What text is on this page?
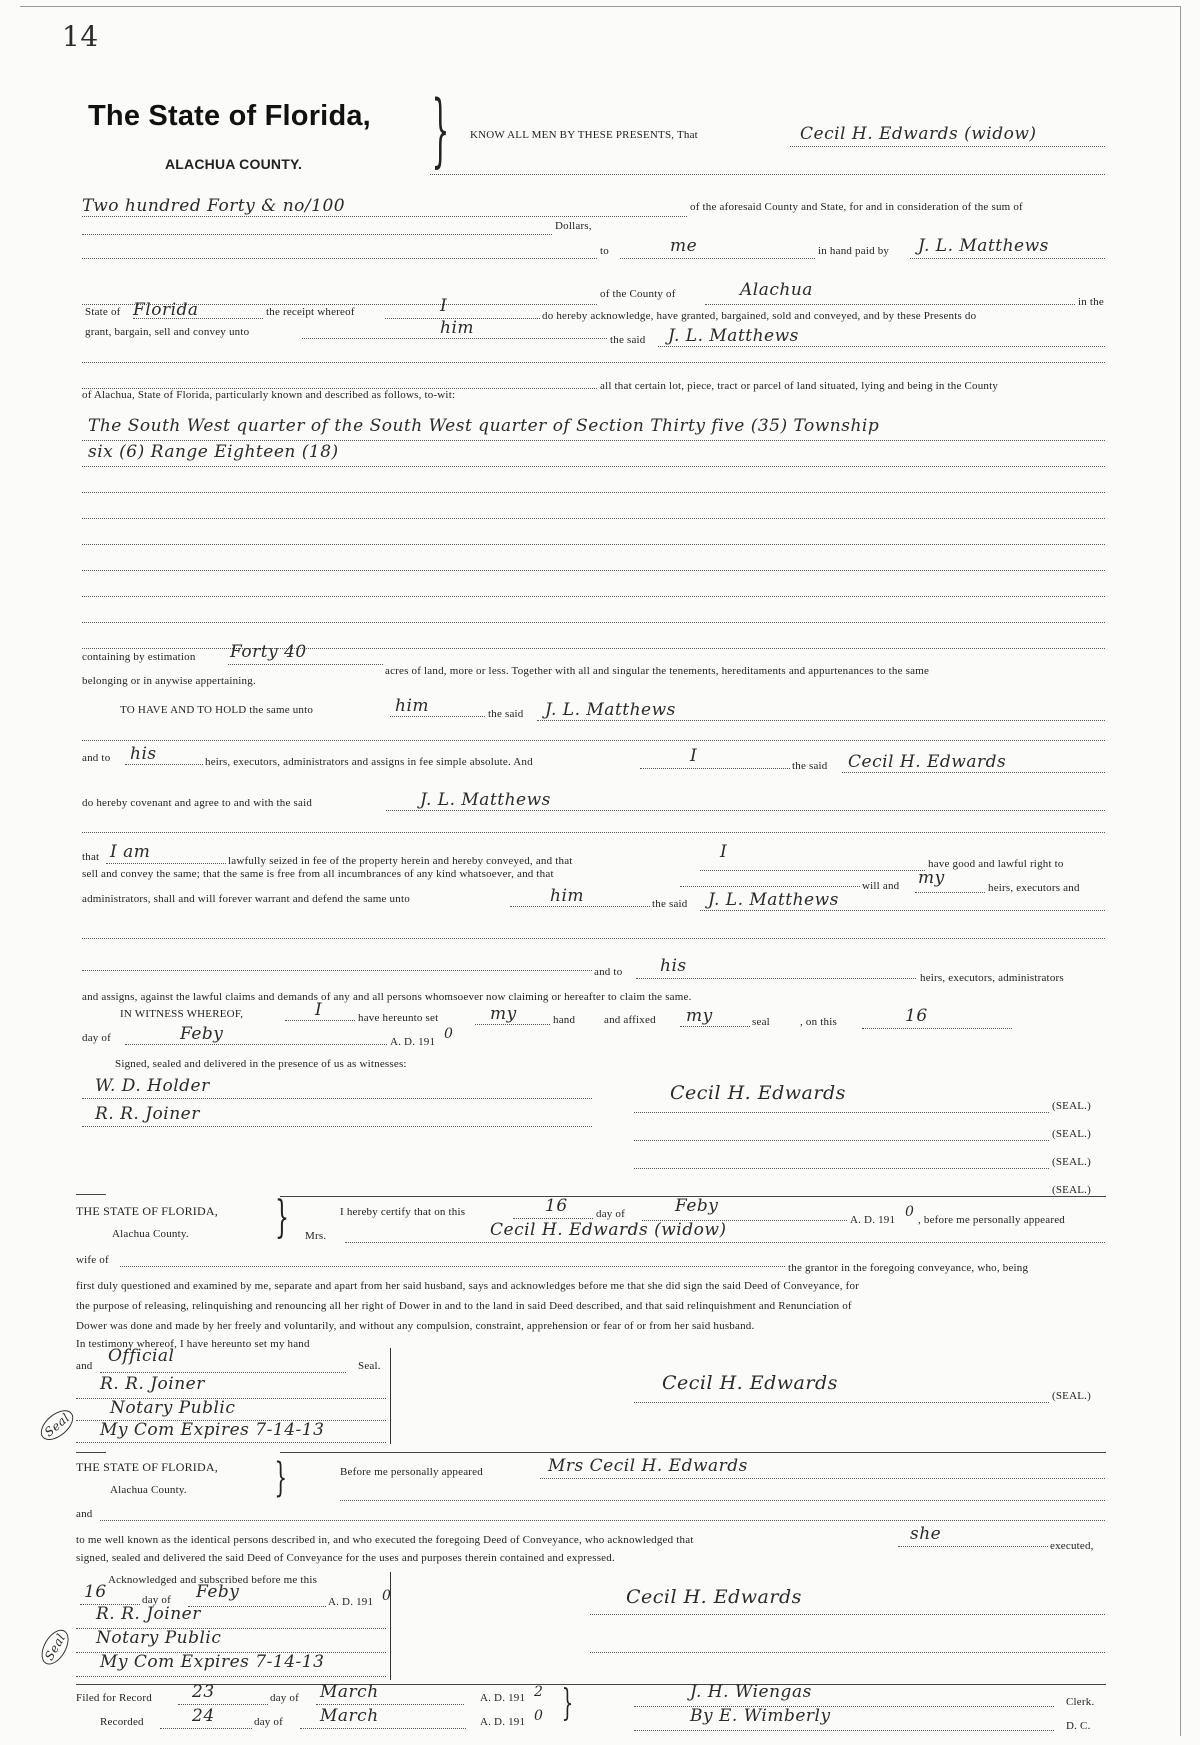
14
The State of Florida,
ALACHUA COUNTY. } KNOW ALL MEN BY THESE PRESENTS, That	Cecil H. Edwards (widow)
Two hundred Forty & no/100	of the aforesaid County and State, for and in consideration of the sum of
Dollars,
to	me	in hand paid by J. L. Matthews
of the County of	Alachua
in the
State of Florida	the receipt whereof	I	do hereby acknowledge, have granted, bargained, sold and conveyed, and by these Presents do
grant, bargain, sell and convey unto	him
the said J. L. Matthews
all that certain lot, piece, tract or parcel of land situated, lying and being in the County
of Alachua, State of Florida, particularly known and described as follows, to-wit:
The South West quarter of the South West quarter of Section Thirty five (35) Township
six (6) Range Eighteen (18)
containing by estimation Forty 40
acres of land, more or less. Together with all and singular the tenements, hereditaments and appurtenances to the same
belonging or in anywise appertaining.
TO HAVE AND TO HOLD the same unto	him	the said J. L. Matthews
and to his	heirs, executors, administrators and assigns in fee simple absolute. And	I	the said Cecil H. Edwards
do hereby covenant and agree to and with the said	J. L. Matthews
that I am	lawfully seized in fee of the property herein and hereby conveyed, and that	I
have good and lawful right to
sell and convey the same; that the same is free from all incumbrances of any kind whatsoever, and that
will and my	heirs, executors and
administrators, shall and will forever warrant and defend the same unto	him	the said J. L. Matthews
and to his
heirs, executors, administrators
and assigns, against the lawful claims and demands of any and all persons whomsoever now claiming or hereafter to claim the same.
IN WITNESS WHEREOF,	I	have hereunto set	my	hand	and affixed my	seal	, on this	16
day of	Feby	A. D. 191 0
Signed, sealed and delivered in the presence of us as witnesses:
W. D. Holder
R. R. Joiner
Cecil H. Edwards
(SEAL.)
(SEAL.)
(SEAL.)
(SEAL.)
THE STATE OF FLORIDA,
Alachua County. }	I hereby certify that on this	16	day of	Feby
A. D. 191 0 , before me personally appeared
Mrs.	Cecil H. Edwards (widow)
wife of
the grantor in the foregoing conveyance, who, being
first duly questioned and examined by me, separate and apart from her said husband, says and acknowledges before me that she did sign the said Deed of Conveyance, for
the purpose of releasing, relinquishing and renouncing all her right of Dower in and to the land in said Deed described, and that said relinquishment and Renunciation of
Dower was done and made by her freely and voluntarily, and without any compulsion, constraint, apprehension or fear of or from her said husband.
In testimony whereof, I have hereunto set my hand
and Official	Seal.
R. R. Joiner
Notary Public
My Com Expires 7-14-13
Seal
Cecil H. Edwards
(SEAL.)
THE STATE OF FLORIDA,
Alachua County. }	Before me personally appeared	Mrs Cecil H. Edwards
and
to me well known as the identical persons described in, and who executed the foregoing Deed of Conveyance, who acknowledged that	she
executed,
signed, sealed and delivered the said Deed of Conveyance for the uses and purposes therein contained and expressed.
Acknowledged and subscribed before me this
16	day of Feby	A. D. 191 0
R. R. Joiner
Notary Public
My Com Expires 7-14-13
Seal
Cecil H. Edwards
Filed for Record 23	day of March	A. D. 191 2
Recorded	24	day of March	A. D. 191 0 }	J. H. Wiengas	Clerk.
By E. Wimberly	D. C.
